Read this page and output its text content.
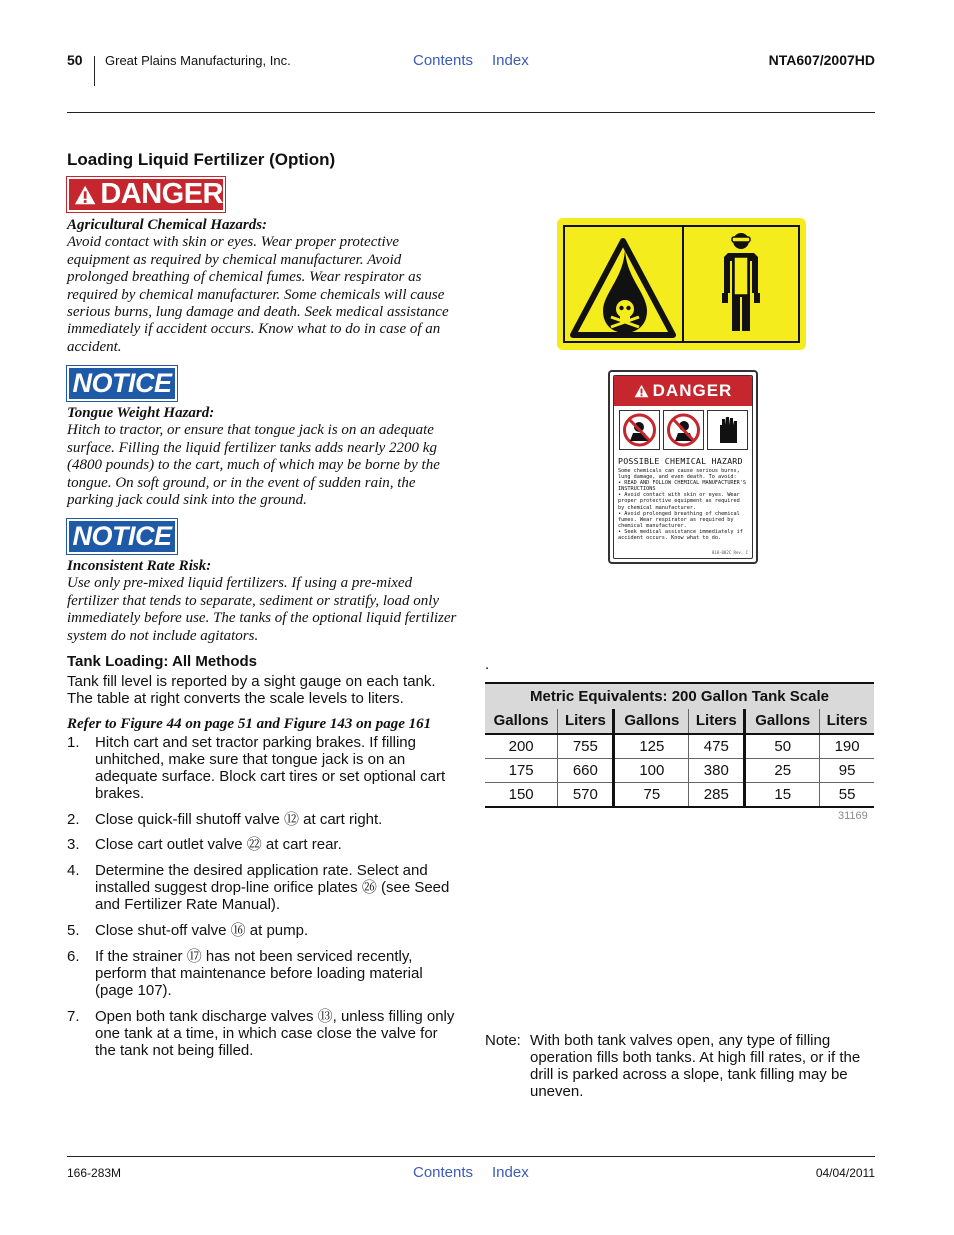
50 Great Plains Manufacturing, Inc.	Contents Index	NTA607/2007HD
Loading Liquid Fertilizer (Option)
DANGER
Agricultural Chemical Hazards:
Avoid contact with skin or eyes. Wear proper protective equipment as required by chemical manufacturer. Avoid prolonged breathing of chemical fumes. Wear respirator as required by chemical manufacturer. Some chemicals will cause serious burns, lung damage and death. Seek medical assistance immediately if accident occurs. Know what to do in case of an accident.
NOTICE
Tongue Weight Hazard:
Hitch to tractor, or ensure that tongue jack is on an adequate surface. Filling the liquid fertilizer tanks adds nearly 2200 kg (4800 pounds) to the cart, much of which may be borne by the tongue. On soft ground, or in the event of sudden rain, the parking jack could sink into the ground.
NOTICE
Inconsistent Rate Risk:
Use only pre-mixed liquid fertilizers. If using a pre-mixed fertilizer that tends to separate, sediment or stratify, load only immediately before use. The tanks of the optional liquid fertilizer system do not include agitators.
Tank Loading: All Methods
Tank fill level is reported by a sight gauge on each tank. The table at right converts the scale levels to liters.
Refer to Figure 44 on page 51 and Figure 143 on page 161
1.	Hitch cart and set tractor parking brakes. If filling unhitched, make sure that tongue jack is on an adequate surface. Block cart tires or set optional cart brakes.
2.	Close quick-fill shutoff valve ⑫ at cart right.
3.	Close cart outlet valve ㉒ at cart rear.
4.	Determine the desired application rate. Select and installed suggest drop-line orifice plates ㉖ (see Seed and Fertilizer Rate Manual).
5.	Close shut-off valve ⑯ at pump.
6.	If the strainer ⑰ has not been serviced recently, perform that maintenance before loading material (page 107).
7.	Open both tank discharge valves ⑬, unless filling only one tank at a time, in which case close the valve for the tank not being filled.
DANGER
POSSIBLE CHEMICAL HAZARD
Some chemicals can cause serious burns, lung damage, and even death. To avoid:
• READ AND FOLLOW CHEMICAL MANUFACTURER'S INSTRUCTIONS
• Avoid contact with skin or eyes. Wear proper protective equipment as required by chemical manufacturer.
• Avoid prolonged breathing of chemical fumes. Wear respirator as required by chemical manufacturer.
• Seek medical assistance immediately if accident occurs. Know what to do.
818-002C Rev. C
.
Metric Equivalents: 200 Gallon Tank Scale					
Gallons	Liters	Gallons	Liters	Gallons	Liters
200	755	125	475	50	190
175	660	100	380	25	95
150	570	75	285	15	55
31169
Note: With both tank valves open, any type of filling operation fills both tanks. At high fill rates, or if the drill is parked across a slope, tank filling may be uneven.
166-283M	Contents Index	04/04/2011
